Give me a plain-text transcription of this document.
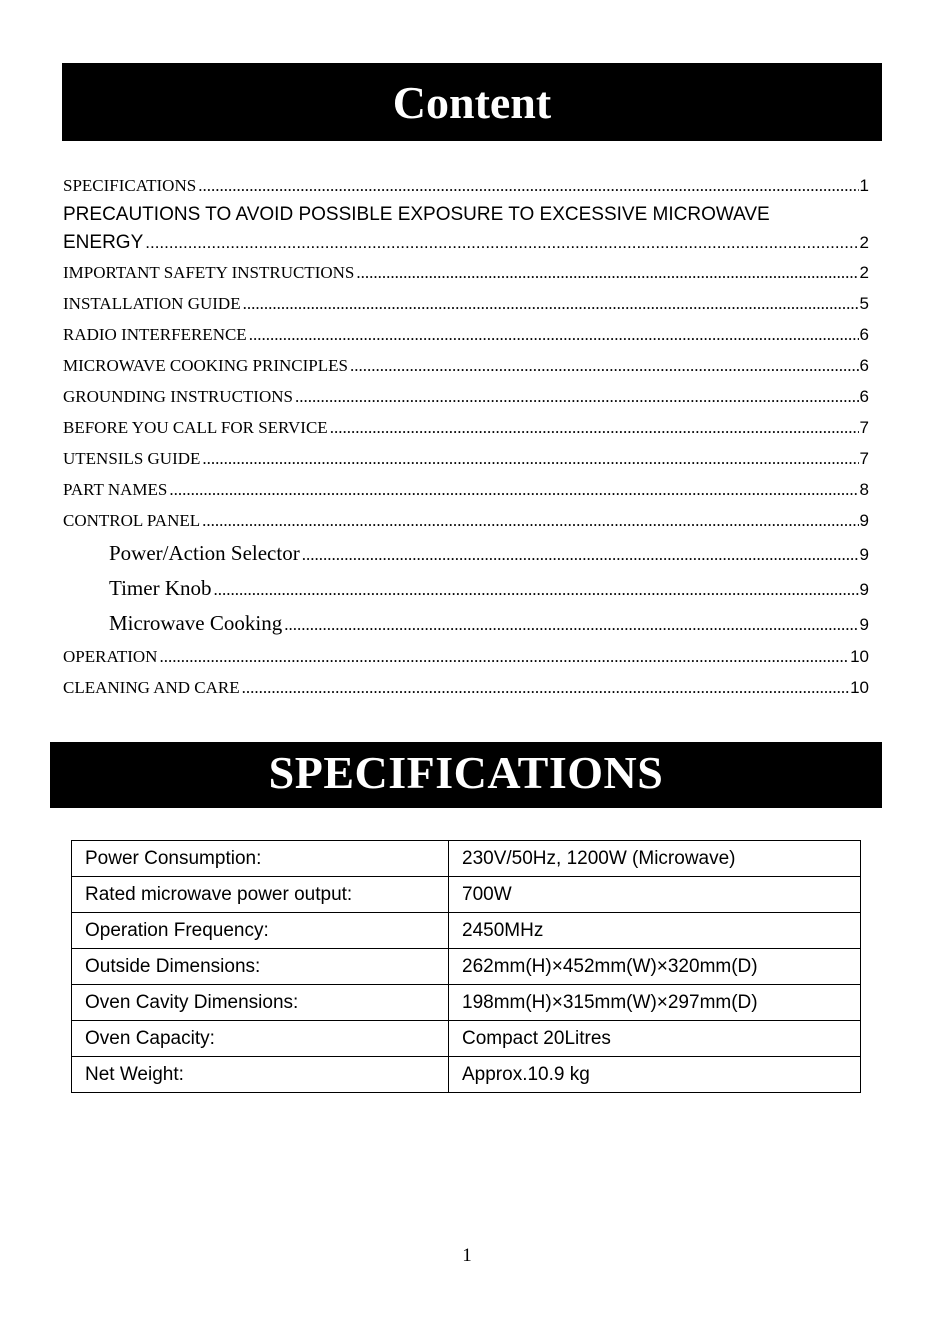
Content
SPECIFICATIONS .....	1
PRECAUTIONS TO AVOID POSSIBLE EXPOSURE TO EXCESSIVE MICROWAVE
ENERGY .....	2
IMPORTANT SAFETY INSTRUCTIONS .....	2
INSTALLATION GUIDE .....	5
RADIO INTERFERENCE .....	6
MICROWAVE COOKING PRINCIPLES .....	6
GROUNDING INSTRUCTIONS .....	6
BEFORE YOU CALL FOR SERVICE .....	7
UTENSILS GUIDE .....	7
PART NAMES .....	8
CONTROL PANEL .....	9
Power/Action Selector .....	9
Timer Knob .....	9
Microwave Cooking .....	9
OPERATION .....	10
CLEANING AND CARE .....	10
SPECIFICATIONS
Power Consumption:	230V/50Hz, 1200W (Microwave)
Rated microwave power output:	700W
Operation Frequency:	2450MHz
Outside Dimensions:	262mm(H)×452mm(W)×320mm(D)
Oven Cavity Dimensions:	198mm(H)×315mm(W)×297mm(D)
Oven Capacity:	Compact 20Litres
Net Weight:	Approx.10.9 kg
1
